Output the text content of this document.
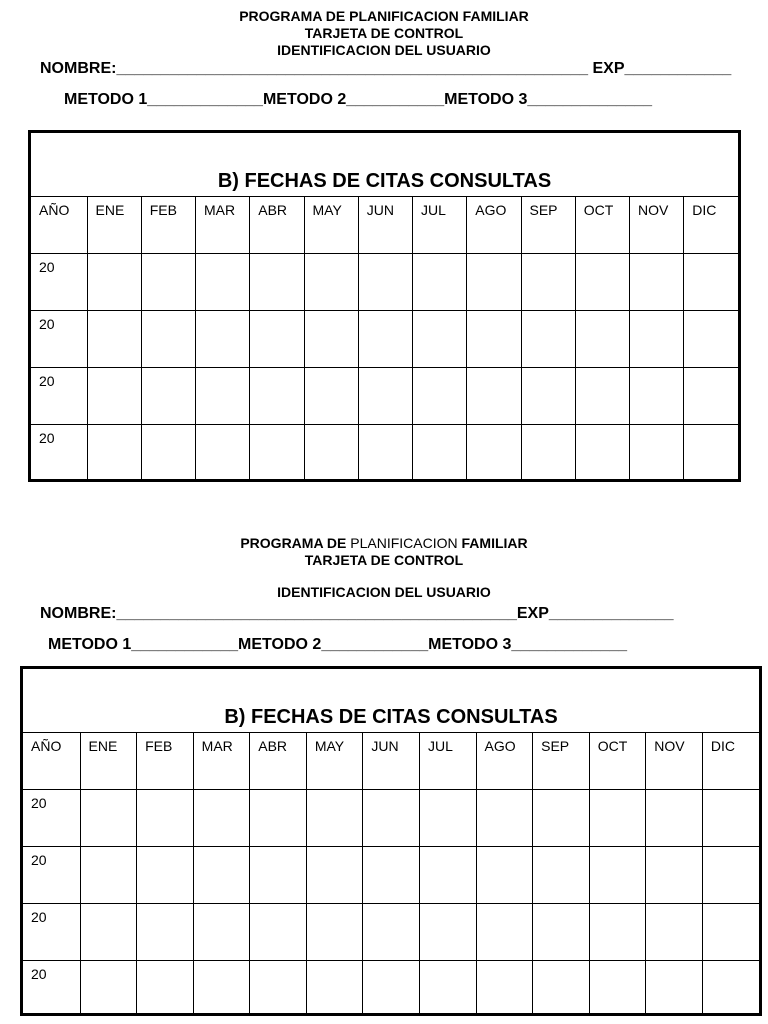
PROGRAMA DE PLANIFICACION FAMILIAR
TARJETA DE CONTROL
IDENTIFICACION DEL USUARIO
NOMBRE:_____________________________________________________ EXP____________
METODO 1_____________METODO 2___________METODO 3______________
B) FECHAS DE CITAS CONSULTAS
AÑO	ENE	FEB	MAR	ABR	MAY	JUN	JUL	AGO	SEP	OCT	NOV	DIC
20												
20												
20												
20												
PROGRAMA DE PLANIFICACION FAMILIAR
TARJETA DE CONTROL
IDENTIFICACION DEL USUARIO
NOMBRE:_____________________________________________EXP______________
METODO 1____________METODO 2____________METODO 3_____________
B) FECHAS DE CITAS CONSULTAS
AÑO	ENE	FEB	MAR	ABR	MAY	JUN	JUL	AGO	SEP	OCT	NOV	DIC
20												
20												
20												
20												
